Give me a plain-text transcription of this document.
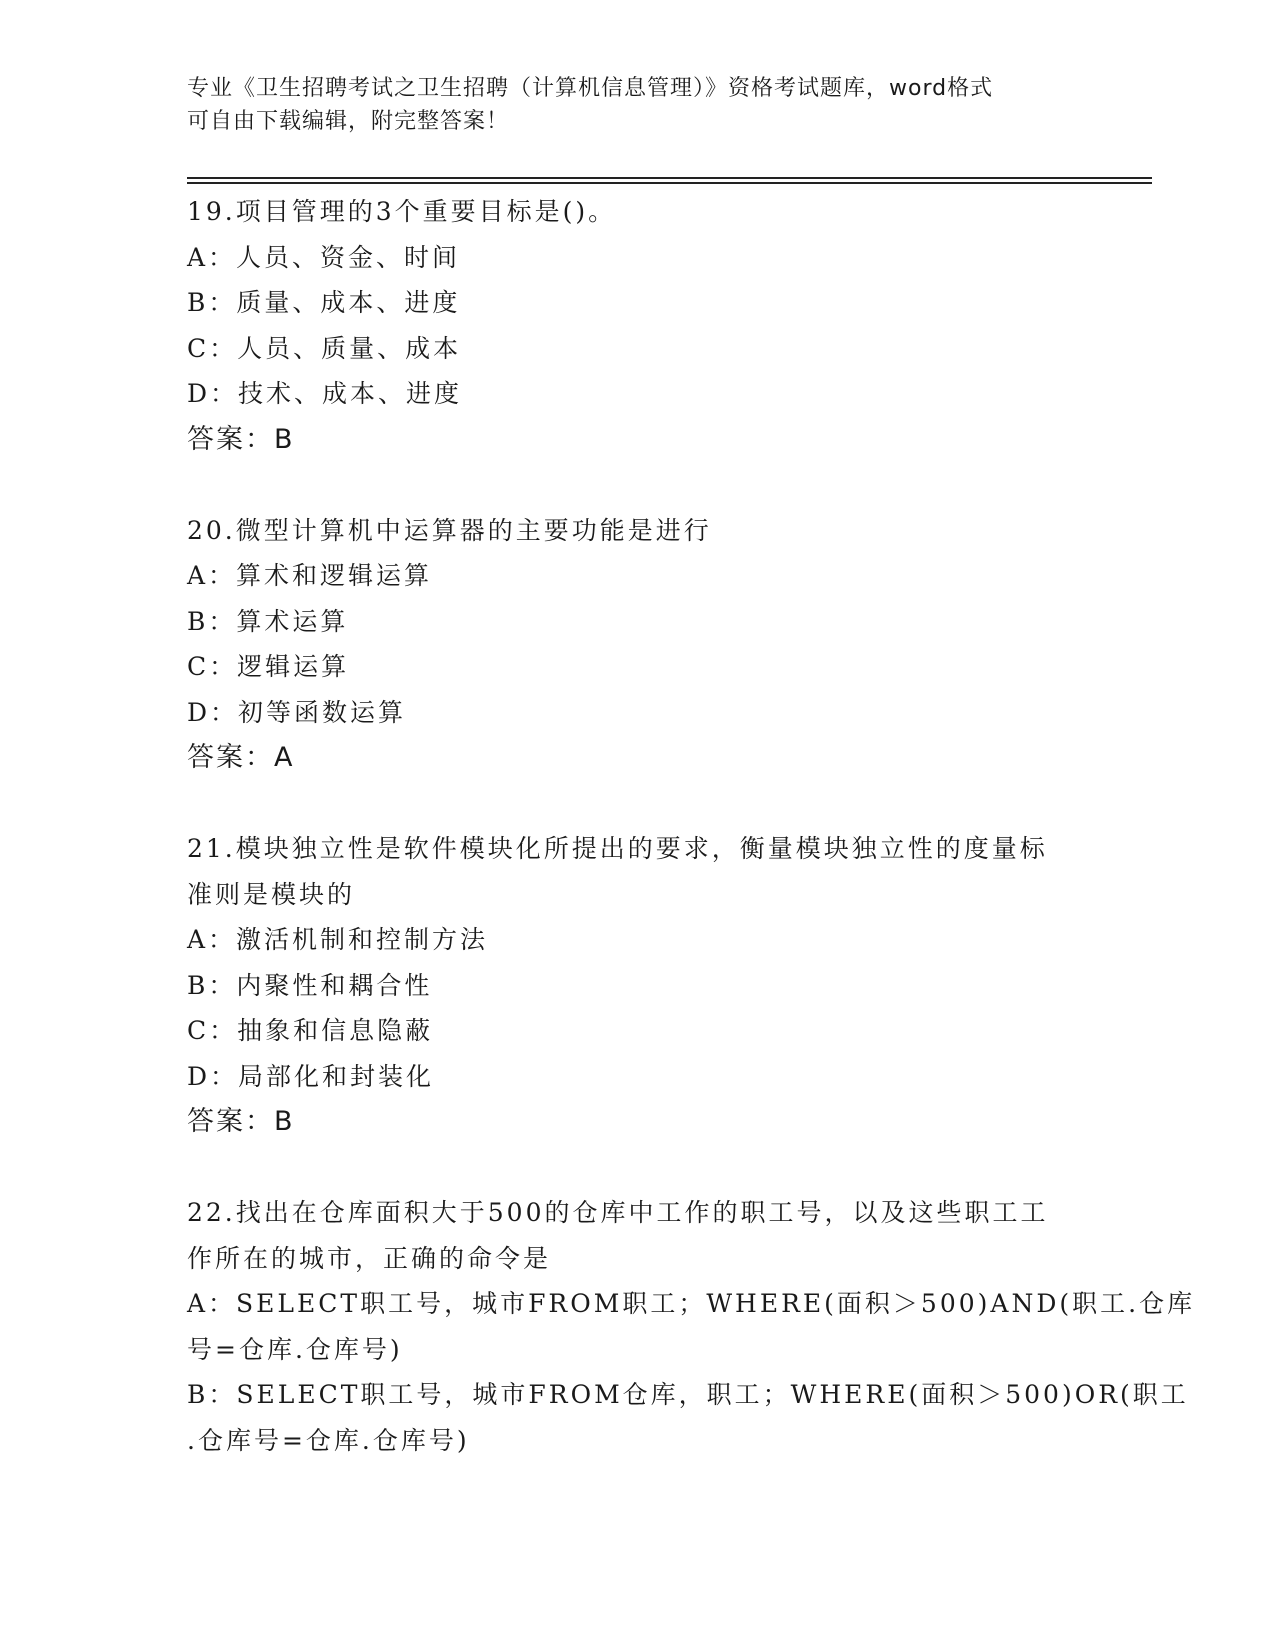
专业《卫生招聘考试之卫生招聘（计算机信息管理）》资格考试题库，word格式
可自由下载编辑，附完整答案！
19.项目管理的3个重要目标是()。
A：人员、资金、时间
B：质量、成本、进度
C：人员、质量、成本
D：技术、成本、进度
答案：B
20.微型计算机中运算器的主要功能是进行
A：算术和逻辑运算
B：算术运算
C：逻辑运算
D：初等函数运算
答案：A
21.模块独立性是软件模块化所提出的要求，衡量模块独立性的度量标
准则是模块的
A：激活机制和控制方法
B：内聚性和耦合性
C：抽象和信息隐蔽
D：局部化和封装化
答案：B
22.找出在仓库面积大于500的仓库中工作的职工号，以及这些职工工
作所在的城市，正确的命令是
A：SELECT职工号，城市FROM职工；WHERE(面积＞500)AND(职工.仓库
号=仓库.仓库号)
B：SELECT职工号，城市FROM仓库，职工；WHERE(面积＞500)OR(职工
.仓库号=仓库.仓库号)
